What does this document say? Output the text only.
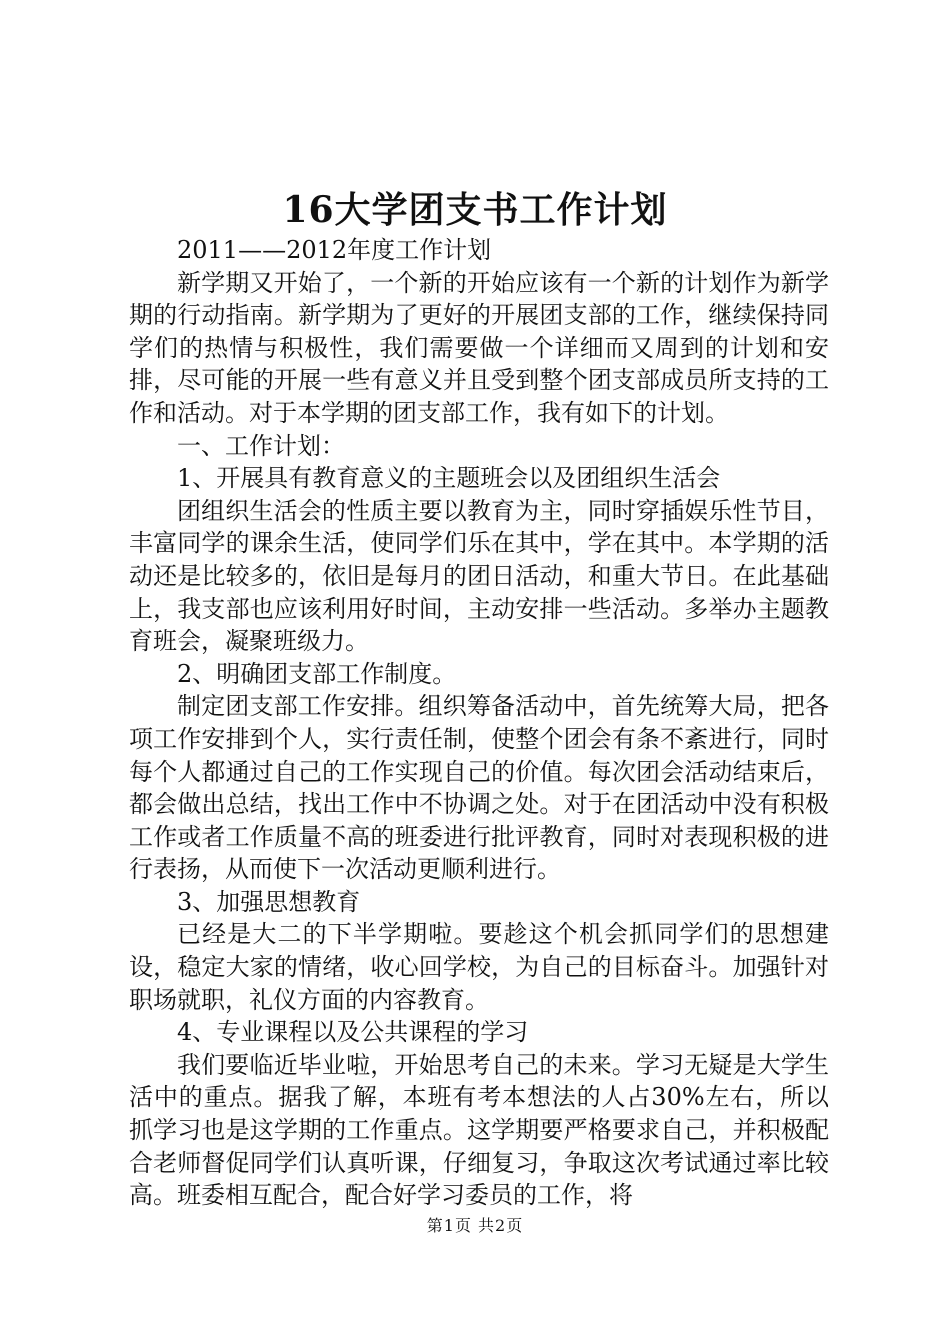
16大学团支书工作计划

2011——2012年度工作计划

新学期又开始了，一个新的开始应该有一个新的计划作为新学期的行动指南。新学期为了更好的开展团支部的工作，继续保持同学们的热情与积极性，我们需要做一个详细而又周到的计划和安排，尽可能的开展一些有意义并且受到整个团支部成员所支持的工作和活动。对于本学期的团支部工作，我有如下的计划。

一、工作计划：

1、开展具有教育意义的主题班会以及团组织生活会

团组织生活会的性质主要以教育为主，同时穿插娱乐性节目，丰富同学的课余生活，使同学们乐在其中，学在其中。本学期的活动还是比较多的，依旧是每月的团日活动，和重大节日。在此基础上，我支部也应该利用好时间，主动安排一些活动。多举办主题教育班会，凝聚班级力。

2、明确团支部工作制度。

制定团支部工作安排。组织筹备活动中，首先统筹大局，把各项工作安排到个人，实行责任制，使整个团会有条不紊进行，同时每个人都通过自己的工作实现自己的价值。每次团会活动结束后，都会做出总结，找出工作中不协调之处。对于在团活动中没有积极工作或者工作质量不高的班委进行批评教育，同时对表现积极的进行表扬，从而使下一次活动更顺利进行。

3、加强思想教育

已经是大二的下半学期啦。要趁这个机会抓同学们的思想建设，稳定大家的情绪，收心回学校，为自己的目标奋斗。加强针对职场就职，礼仪方面的内容教育。

4、专业课程以及公共课程的学习

我们要临近毕业啦，开始思考自己的未来。学习无疑是大学生活中的重点。据我了解，本班有考本想法的人占30%左右，所以抓学习也是这学期的工作重点。这学期要严格要求自己，并积极配合老师督促同学们认真听课，仔细复习，争取这次考试通过率比较高。班委相互配合，配合好学习委员的工作，将

第1页 共2页
